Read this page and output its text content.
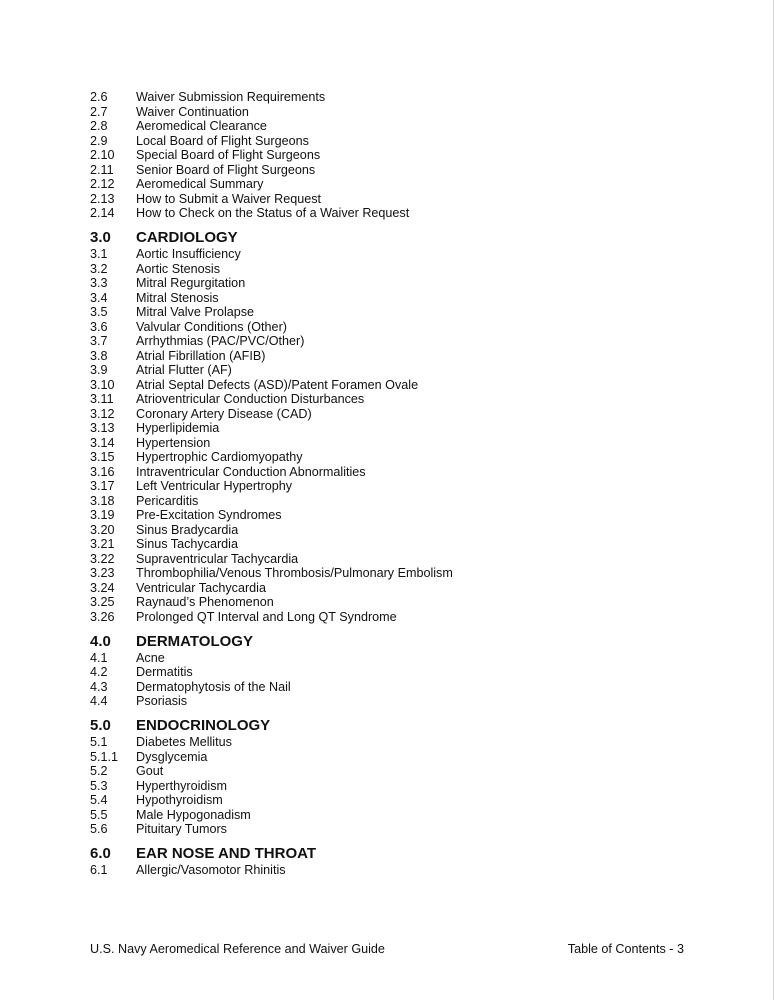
2.6	Waiver Submission Requirements
2.7	Waiver Continuation
2.8	Aeromedical Clearance
2.9	Local Board of Flight Surgeons
2.10	Special Board of Flight Surgeons
2.11	Senior Board of Flight Surgeons
2.12	Aeromedical Summary
2.13	How to Submit a Waiver Request
2.14	How to Check on the Status of a Waiver Request
3.0	CARDIOLOGY
3.1	Aortic Insufficiency
3.2	Aortic Stenosis
3.3	Mitral Regurgitation
3.4	Mitral Stenosis
3.5	Mitral Valve Prolapse
3.6	Valvular Conditions (Other)
3.7	Arrhythmias (PAC/PVC/Other)
3.8	Atrial Fibrillation (AFIB)
3.9	Atrial Flutter (AF)
3.10	Atrial Septal Defects (ASD)/Patent Foramen Ovale
3.11	Atrioventricular Conduction Disturbances
3.12	Coronary Artery Disease (CAD)
3.13	Hyperlipidemia
3.14	Hypertension
3.15	Hypertrophic Cardiomyopathy
3.16	Intraventricular Conduction Abnormalities
3.17	Left Ventricular Hypertrophy
3.18	Pericarditis
3.19	Pre-Excitation Syndromes
3.20	Sinus Bradycardia
3.21	Sinus Tachycardia
3.22	Supraventricular Tachycardia
3.23	Thrombophilia/Venous Thrombosis/Pulmonary Embolism
3.24	Ventricular Tachycardia
3.25	Raynaud’s Phenomenon
3.26	Prolonged QT Interval and Long QT Syndrome
4.0	DERMATOLOGY
4.1	Acne
4.2	Dermatitis
4.3	Dermatophytosis of the Nail
4.4	Psoriasis
5.0	ENDOCRINOLOGY
5.1	Diabetes Mellitus
5.1.1	Dysglycemia
5.2	Gout
5.3	Hyperthyroidism
5.4	Hypothyroidism
5.5	Male Hypogonadism
5.6	Pituitary Tumors
6.0	EAR NOSE AND THROAT
6.1	Allergic/Vasomotor Rhinitis
U.S. Navy Aeromedical Reference and Waiver Guide	Table of Contents - 3
